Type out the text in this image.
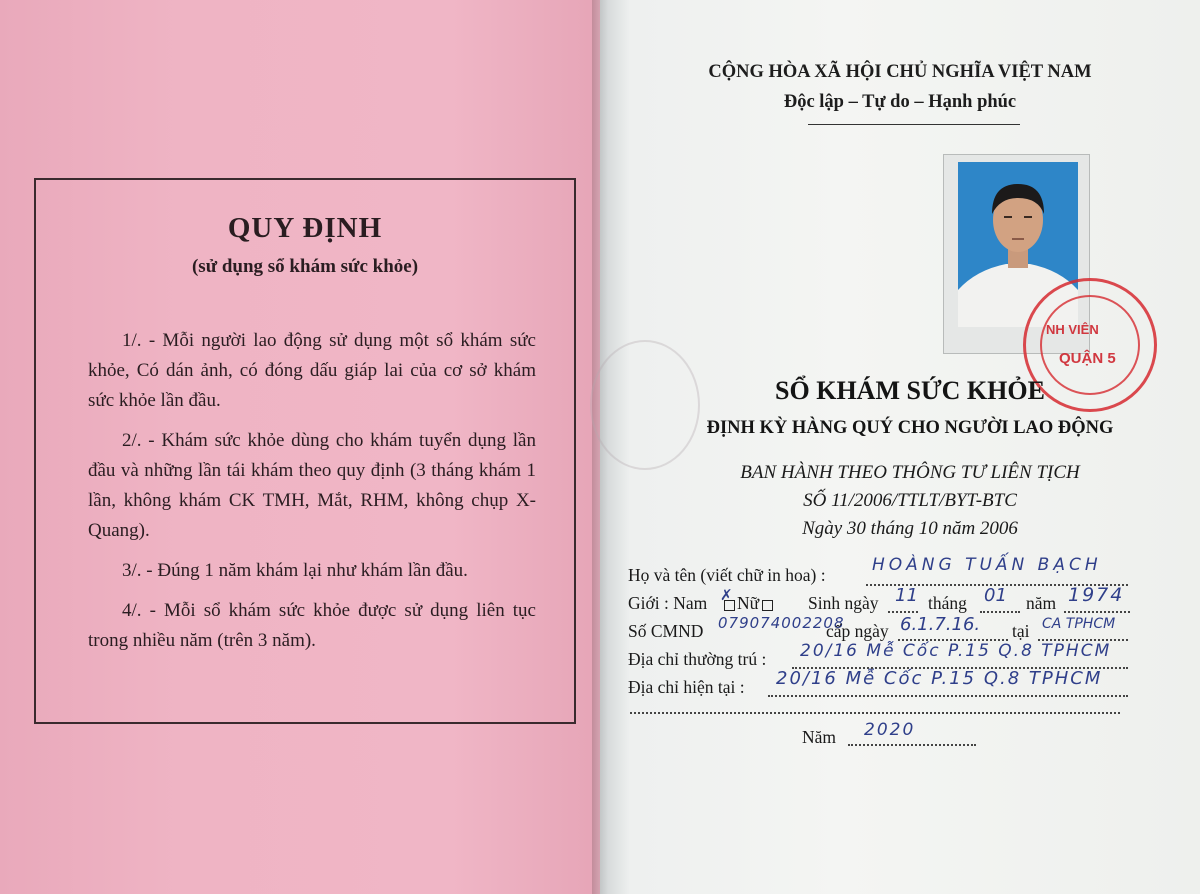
QUY ĐỊNH
(sử dụng sổ khám sức khỏe)

1/. - Mỗi người lao động sử dụng một sổ khám sức khỏe, Có dán ảnh, có đóng dấu giáp lai của cơ sở khám sức khỏe lần đầu.

2/. - Khám sức khỏe dùng cho khám tuyển dụng lần đầu và những lần tái khám theo quy định (3 tháng khám 1 lần, không khám CK TMH, Mắt, RHM, không chụp X-Quang).

3/. - Đúng 1 năm khám lại như khám lần đầu.

4/. - Mỗi sổ khám sức khỏe được sử dụng liên tục trong nhiều năm (trên 3 năm).

CỘNG HÒA XÃ HỘI CHỦ NGHĨA VIỆT NAM
Độc lập – Tự do – Hạnh phúc
NH VIÊN
QUẬN 5
SỔ KHÁM SỨC KHỎE
ĐỊNH KỲ HÀNG QUÝ CHO NGƯỜI LAO ĐỘNG
BAN HÀNH THEO THÔNG TƯ LIÊN TỊCH
SỐ 11/2006/TTLT/BYT-BTC
Ngày 30 tháng 10 năm 2006
Họ và tên (viết chữ in hoa) :	HOÀNG TUẤN BẠCH
Giới : Nam ✗ Nữ	Sinh ngày 11 tháng 01 năm 1974
Số CMND 079074002208
cấp ngày 6.1.7.16. tại CA TPHCM
Địa chỉ thường trú : 20/16 Mễ Cốc P.15 Q.8 TPHCM
Địa chỉ hiện tại : 20/16 Mễ Cốc P.15 Q.8 TPHCM
Năm 2020
